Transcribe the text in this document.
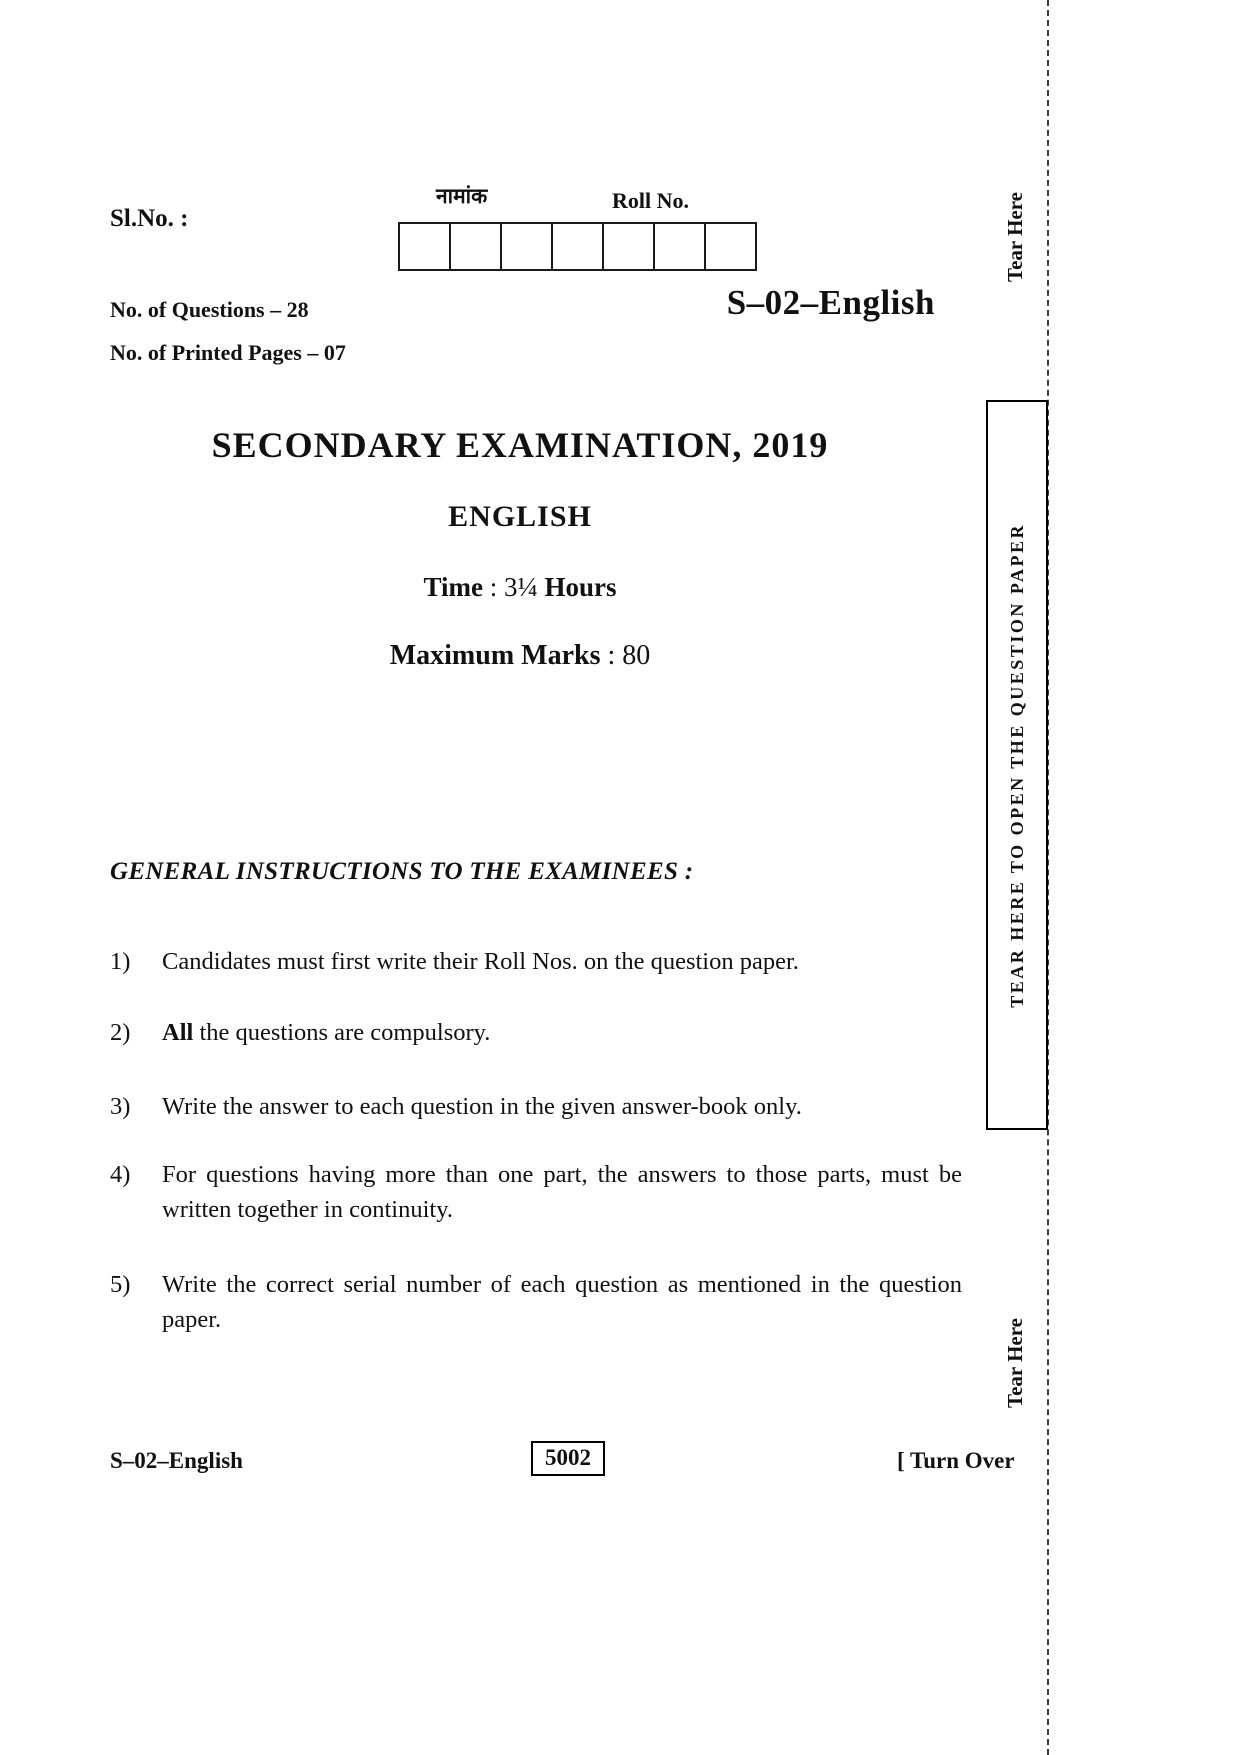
Sl.No. :
नामांक	Roll No.
No. of Questions – 28
No. of Printed Pages – 07
S–02–English
SECONDARY EXAMINATION, 2019
ENGLISH
Time : 3¼ Hours
Maximum Marks : 80
GENERAL INSTRUCTIONS TO THE EXAMINEES :
1)	Candidates must first write their Roll Nos. on the question paper.
2)	All the questions are compulsory.
3)	Write the answer to each question in the given answer-book only.
4)	For questions having more than one part, the answers to those parts, must be written together in continuity.
5)	Write the correct serial number of each question as mentioned in the question paper.
S–02–English	5002	[ Turn Over
Tear Here
Tear Here
TEAR HERE TO OPEN THE QUESTION PAPER
